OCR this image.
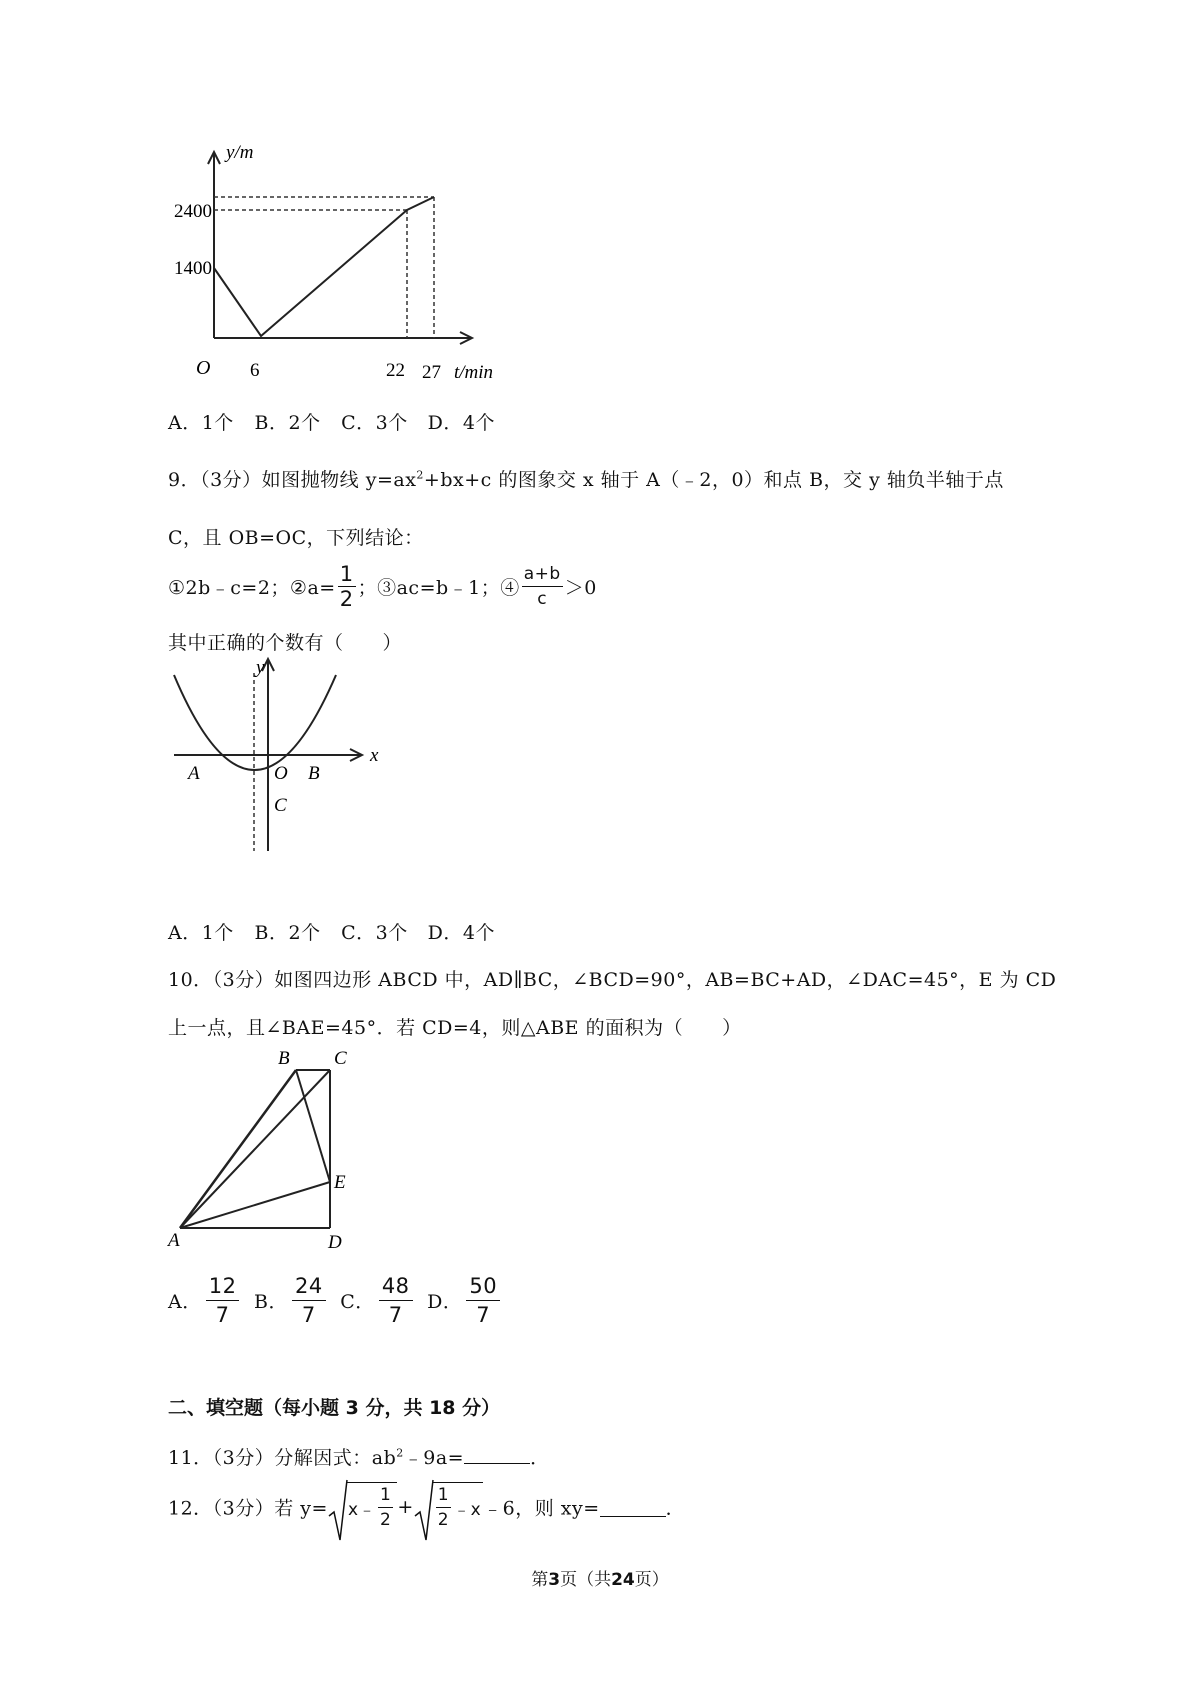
y/m
2400
1400
O 6	22 27 t/min
A．1个 B．2个 C．3个 D．4个
9．（3分）如图抛物线 $y=ax^2+bx+c$ 的图象交 x 轴于 A（﹣2，0）和点 B，交 y 轴负半轴于点
C，且 OB=OC，下列结论：
①2b﹣c=2；②a= $\frac{1}{2}$ ；③ac=b﹣1；④ $\frac{a+b}{c} >0$
其中正确的个数有（　　）
y
x
A	O B
C
A．1个 B．2个 C．3个 D．4个
10．（3分）如图四边形 ABCD 中，AD∥BC，∠BCD=90°，AB=BC+AD，∠DAC=45°，E 为 CD
上一点，且∠BAE=45°．若 CD=4，则△ABE 的面积为（　　）
B C
E
A	D
A． $\frac{12}{7}$ B． $\frac{24}{7}$ C． $\frac{48}{7}$ D． $\frac{50}{7}$
二、填空题（每小题 3 分，共 18 分）
11．（3分）分解因式：$ab^2﹣9a=$	．
12．（3分）若 y= x﹣ $\frac{1}{2} + \frac{1}{2}$ ﹣x ﹣6，则 xy=	．
第3页（共24页）
